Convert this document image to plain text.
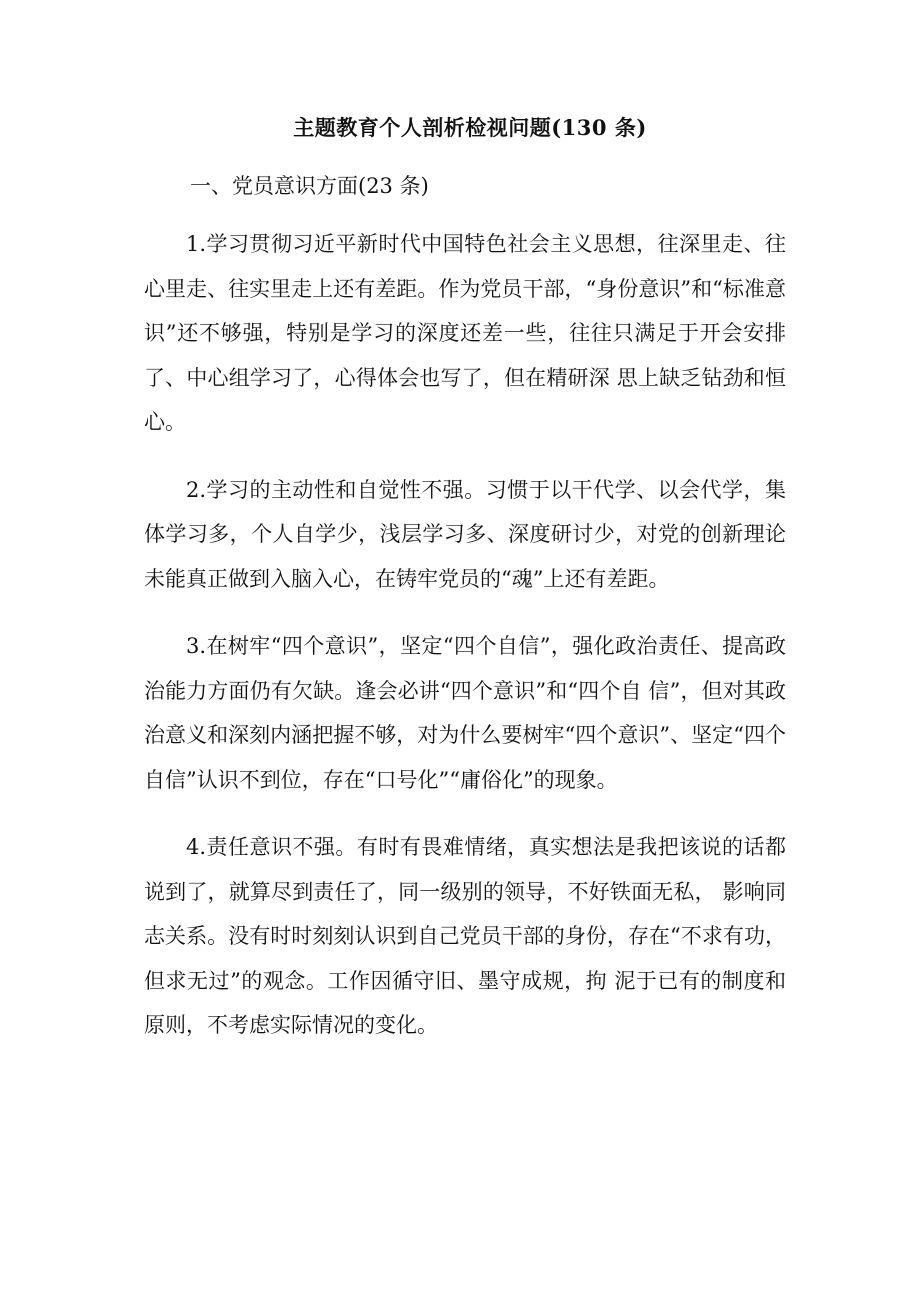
主题教育个人剖析检视问题(130 条)
一、党员意识方面(23 条)

1.学习贯彻习近平新时代中国特色社会主义思想，往深里走、往心里走、往实里走上还有差距。作为党员干部，“身份意识”和“标准意识”还不够强，特别是学习的深度还差一些，往往只满足于开会安排了、中心组学习了，心得体会也写了，但在精研深 思上缺乏钻劲和恒心。

2.学习的主动性和自觉性不强。习惯于以干代学、以会代学，集体学习多，个人自学少，浅层学习多、深度研讨少，对党的创新理论未能真正做到入脑入心，在铸牢党员的“魂”上还有差距。

3.在树牢“四个意识”，坚定“四个自信”，强化政治责任、提高政治能力方面仍有欠缺。逢会必讲“四个意识”和“四个自 信”，但对其政治意义和深刻内涵把握不够，对为什么要树牢“四个意识”、坚定“四个自信”认识不到位，存在“口号化”“庸俗化”的现象。

4.责任意识不强。有时有畏难情绪，真实想法是我把该说的话都说到了，就算尽到责任了，同一级别的领导，不好铁面无私， 影响同志关系。没有时时刻刻认识到自己党员干部的身份，存在“不求有功，但求无过”的观念。工作因循守旧、墨守成规，拘 泥于已有的制度和原则，不考虑实际情况的变化。
